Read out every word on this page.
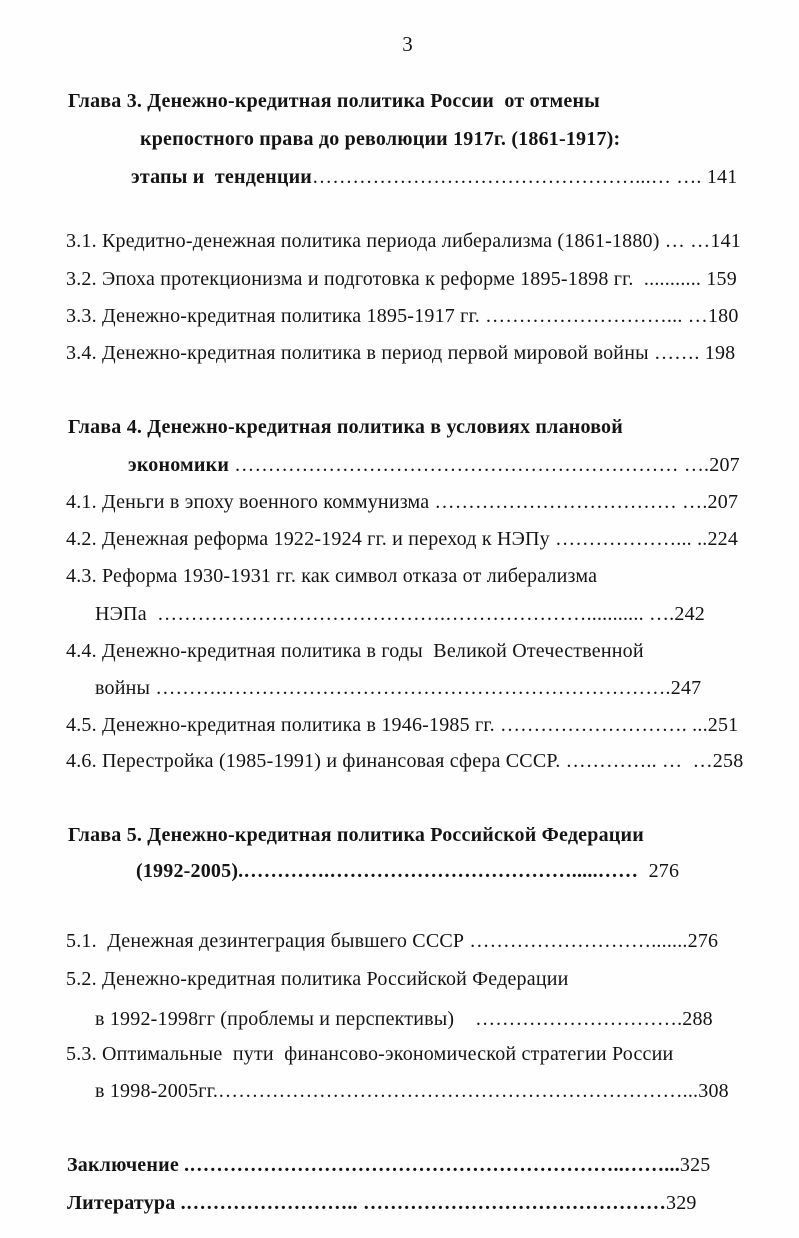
3
Глава 3. Денежно-кредитная политика России  от отмены
крепостного права до революции 1917г. (1861-1917):
этапы и  тенденции…………………………………………...… …. 141
3.1. Кредитно-денежная политика периода либерализма (1861-1880) … …141
3.2. Эпоха протекционизма и подготовка к реформе 1895-1898 гг.  ........... 159
3.3. Денежно-кредитная политика 1895-1917 гг. ………………………... …180
3.4. Денежно-кредитная политика в период первой мировой войны ……. 198
Глава 4. Денежно-кредитная политика в условиях плановой
экономики ………………………………………………………… ….207
4.1. Деньги в эпоху военного коммунизма ……………………………… ….207
4.2. Денежная реформа 1922-1924 гг. и переход к НЭПу ………………... ..224
4.3. Реформа 1930-1931 гг. как символ отказа от либерализма
НЭПа  …………………………………….…………………........... ….242
4.4. Денежно-кредитная политика в годы  Великой Отечественной
войны ……….………………………………………………………….247
4.5. Денежно-кредитная политика в 1946-1985 гг. ………………………. ...251
4.6. Перестройка (1985-1991) и финансовая сфера СССР. ………….. …  …258
Глава 5. Денежно-кредитная политика Российской Федерации
(1992-2005).………….……………………………….....……  276
5.1.  Денежная дезинтеграция бывшего СССР ……………………….......276
5.2. Денежно-кредитная политика Российской Федерации
в 1992-1998гг (проблемы и перспективы)    ………………………….288
5.3. Оптимальные  пути  финансово-экономической стратегии России
в 1998-2005гг.……………………………………………………………...308
Заключение .………………………………………………………..……...325
Литература .…………………….. ………………………………………329
